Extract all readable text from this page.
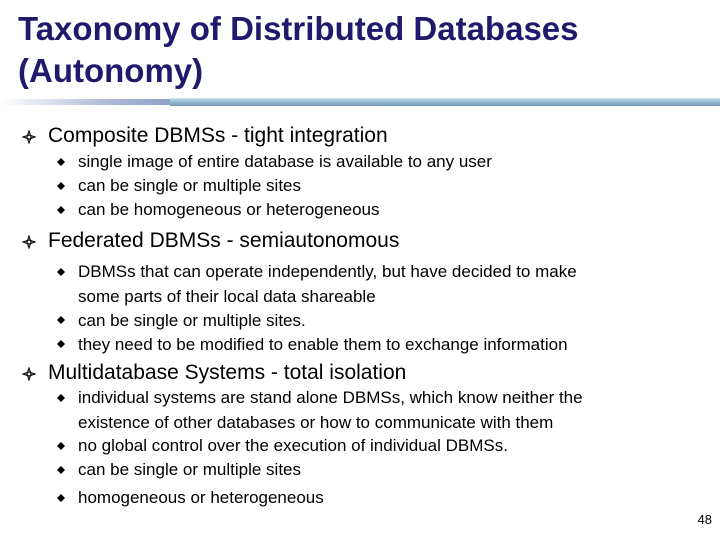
Taxonomy of Distributed Databases
(Autonomy)
Composite DBMSs - tight integration
single image of entire database is available to any user
can be single or multiple sites
can be homogeneous or heterogeneous
Federated DBMSs - semiautonomous
DBMSs that can operate independently, but have decided to make
some parts of their local data shareable
can be single or multiple sites.
they need to be modified to enable them to exchange information
Multidatabase Systems - total isolation
individual systems are stand alone DBMSs, which know neither the
existence of other databases or how to communicate with them
no global control over the execution of individual DBMSs.
can be single or multiple sites
homogeneous or heterogeneous
48
